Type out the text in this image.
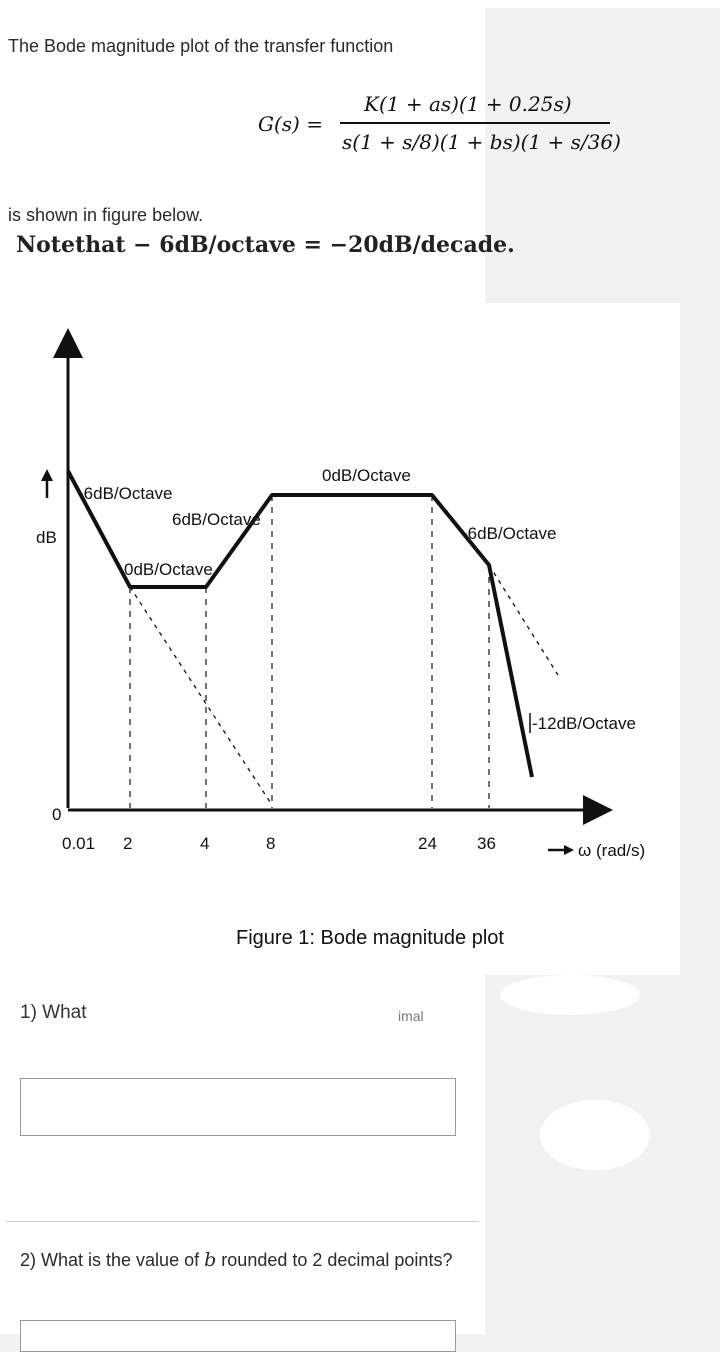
The Bode magnitude plot of the transfer function
G(s) =
K(1 + as)(1 + 0.25s)
s(1 + s/8)(1 + bs)(1 + s/36)
is shown in figure below.
Notethat − 6dB/octave = −20dB/decade.
dB
0
-6dB/Octave
0dB/Octave
6dB/Octave
0dB/Octave
-6dB/Octave
-12dB/Octave
0.01 2	4	8	24 36	ω (rad/s)
Figure 1: Bode magnitude plot
1) What	imal
2) What is the value of b rounded to 2 decimal points?
